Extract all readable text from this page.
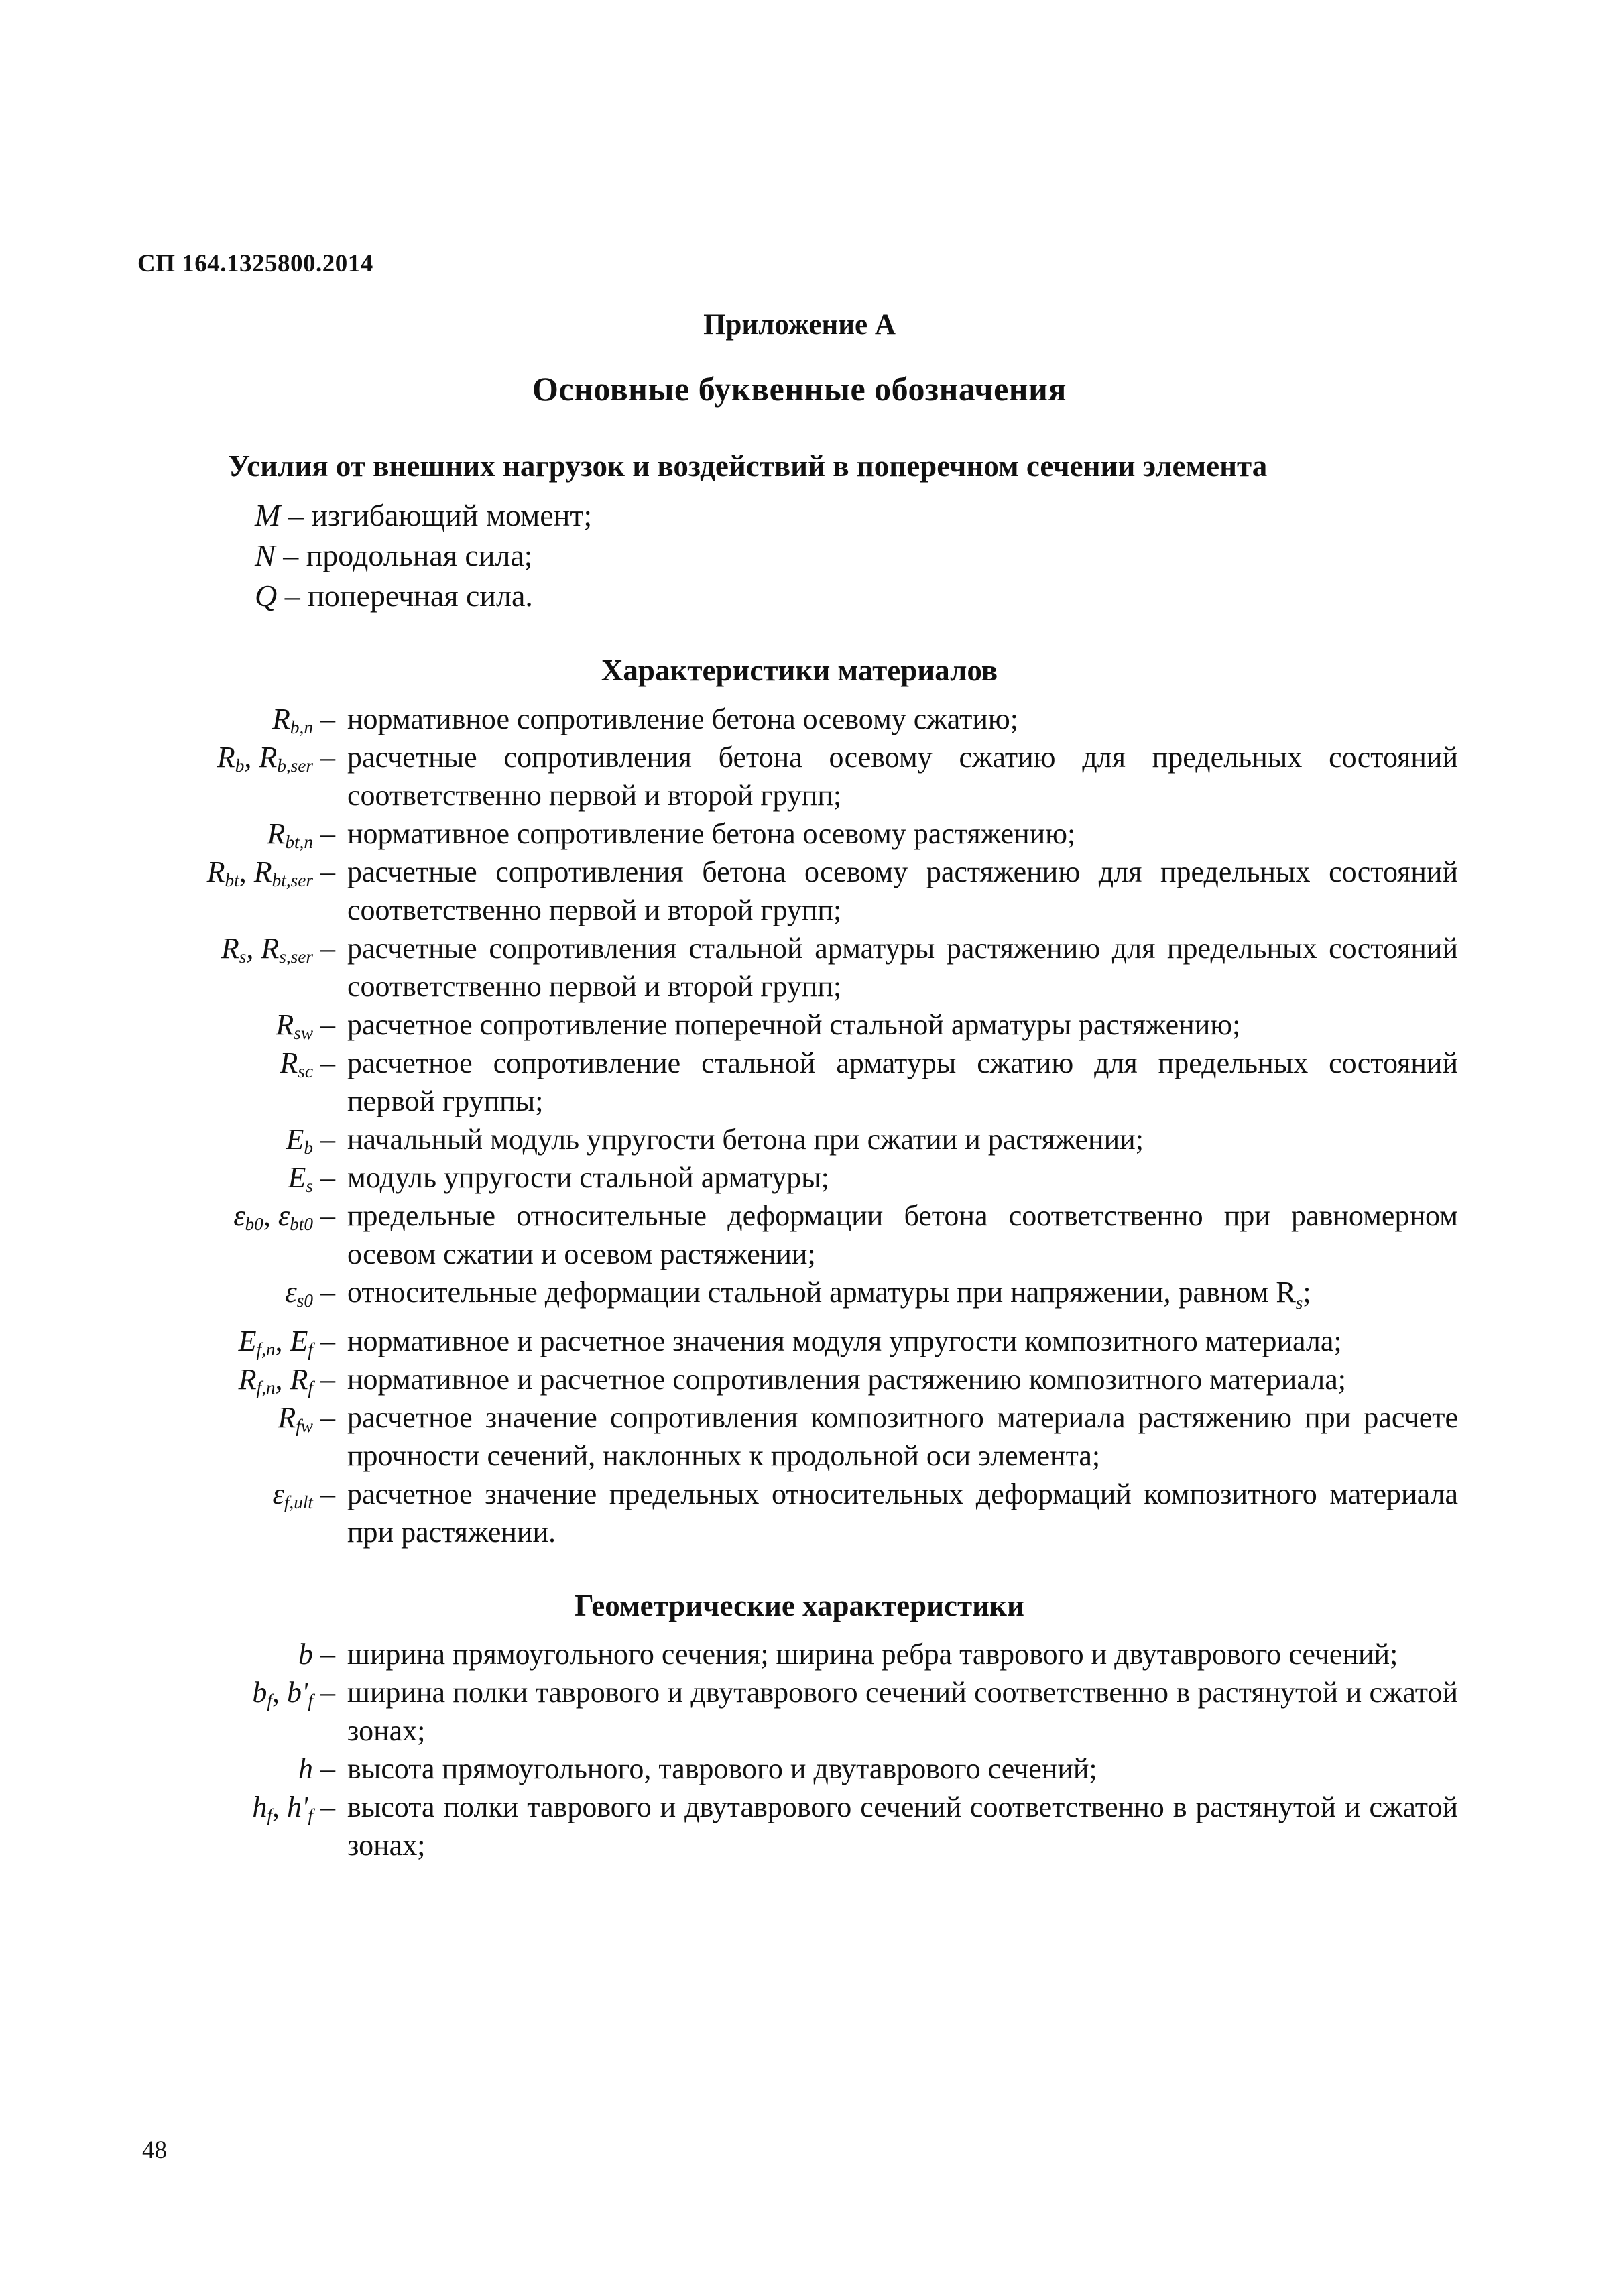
СП 164.1325800.2014
Приложение А
Основные буквенные обозначения
Усилия от внешних нагрузок и воздействий в поперечном сечении элемента
M – изгибающий момент;
N – продольная сила;
Q – поперечная сила.
Характеристики материалов
$R_{b,n}$ – нормативное сопротивление бетона осевому сжатию;
$R_b$, $R_{b,ser}$ – расчетные сопротивления бетона осевому сжатию для предельных состояний соответственно первой и второй групп;
$R_{bt,n}$ – нормативное сопротивление бетона осевому растяжению;
$R_{bt}$, $R_{bt,ser}$ – расчетные сопротивления бетона осевому растяжению для предельных состояний соответственно первой и второй групп;
$R_s$, $R_{s,ser}$ – расчетные сопротивления стальной арматуры растяжению для предельных состояний соответственно первой и второй групп;
$R_{sw}$ – расчетное сопротивление поперечной стальной арматуры растяжению;
$R_{sc}$ – расчетное сопротивление стальной арматуры сжатию для предельных состояний первой группы;
$E_b$ – начальный модуль упругости бетона при сжатии и растяжении;
$E_s$ – модуль упругости стальной арматуры;
$\varepsilon_{b0}$, $\varepsilon_{bt0}$ – предельные относительные деформации бетона соответственно при равномерном осевом сжатии и осевом растяжении;
$\varepsilon_{s0}$ – относительные деформации стальной арматуры при напряжении, равном $R_s$;
$E_{f,n}$, $E_f$ – нормативное и расчетное значения модуля упругости композитного материала;
$R_{f,n}$, $R_f$ – нормативное и расчетное сопротивления растяжению композитного материала;
$R_{fw}$ – расчетное значение сопротивления композитного материала растяжению при расчете прочности сечений, наклонных к продольной оси элемента;
$\varepsilon_{f,ult}$ – расчетное значение предельных относительных деформаций композитного материала при растяжении.
Геометрические характеристики
b – ширина прямоугольного сечения; ширина ребра таврового и двутаврового сечений;
$b_f$, $b'_f$ – ширина полки таврового и двутаврового сечений соответственно в растянутой и сжатой зонах;
h – высота прямоугольного, таврового и двутаврового сечений;
$h_f$, $h'_f$ – высота полки таврового и двутаврового сечений соответственно в растянутой и сжатой зонах;
48
